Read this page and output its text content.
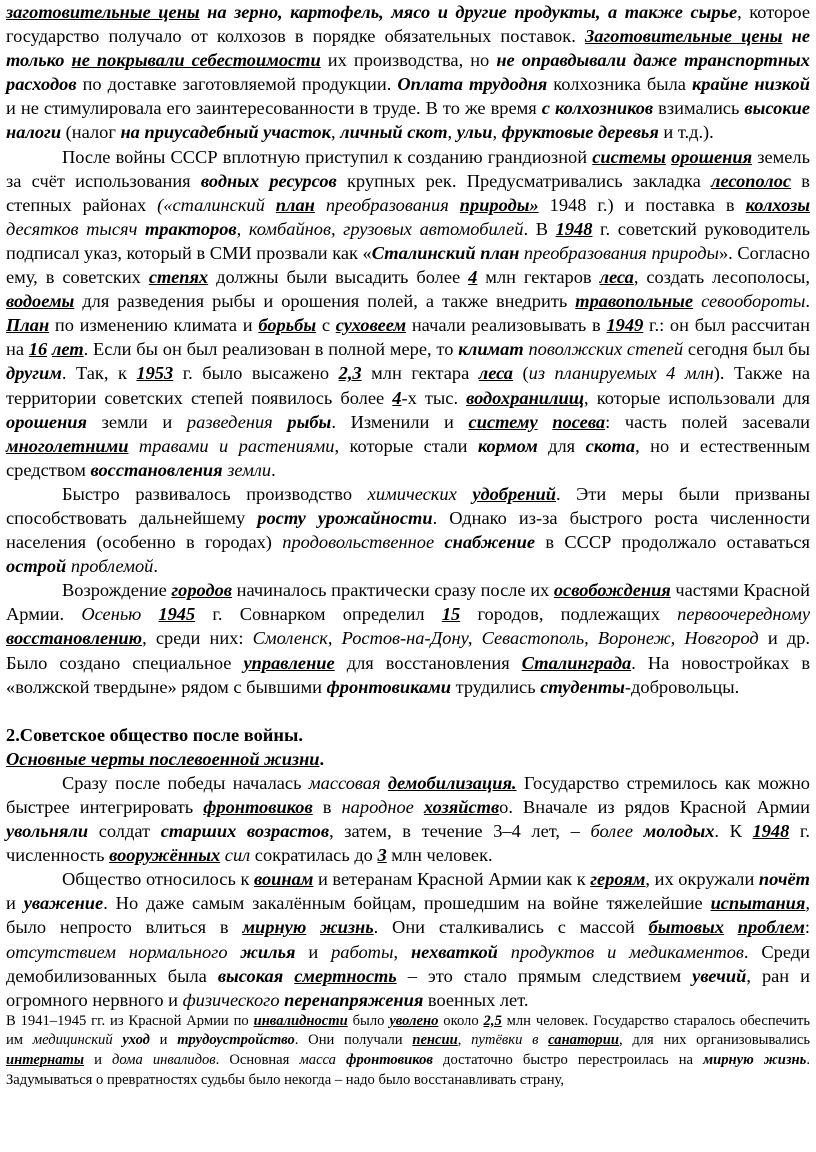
заготовительные цены на зерно, картофель, мясо и другие продукты, а также сырье, которое государство получало от колхозов в порядке обязательных поставок. Заготовительные цены не только не покрывали себестоимости их производства, но не оправдывали даже транспортных расходов по доставке заготовляемой продукции. Оплата трудодня колхозника была крайне низкой и не стимулировала его заинтересованности в труде. В то же время с колхозников взимались высокие налоги (налог на приусадебный участок, личный скот, ульи, фруктовые деревья и т.д.).

После войны СССР вплотную приступил к созданию грандиозной системы орошения земель за счёт использования водных ресурсов крупных рек. Предусматривались закладка лесополос в степных районах («сталинский план преобразования природы» 1948 г.) и поставка в колхозы десятков тысяч тракторов, комбайнов, грузовых автомобилей. В 1948 г. советский руководитель подписал указ, который в СМИ прозвали как «Сталинский план преобразования природы». Согласно ему, в советских степях должны были высадить более 4 млн гектаров леса, создать лесополосы, водоемы для разведения рыбы и орошения полей, а также внедрить травопольные севообороты. План по изменению климата и борьбы с суховеем начали реализовывать в 1949 г.: он был рассчитан на 16 лет. Если бы он был реализован в полной мере, то климат поволжских степей сегодня был бы другим. Так, к 1953 г. было высажено 2,3 млн гектара леса (из планируемых 4 млн). Также на территории советских степей появилось более 4-х тыс. водохранилищ, которые использовали для орошения земли и разведения рыбы. Изменили и систему посева: часть полей засевали многолетними травами и растениями, которые стали кормом для скота, но и естественным средством восстановления земли.

Быстро развивалось производство химических удобрений. Эти меры были призваны способствовать дальнейшему росту урожайности. Однако из-за быстрого роста численности населения (особенно в городах) продовольственное снабжение в СССР продолжало оставаться острой проблемой.

Возрождение городов начиналось практически сразу после их освобождения частями Красной Армии. Осенью 1945 г. Совнарком определил 15 городов, подлежащих первоочередному восстановлению, среди них: Смоленск, Ростов-на-Дону, Севастополь, Воронеж, Новгород и др. Было создано специальное управление для восстановления Сталинграда. На новостройках в «волжской твердыне» рядом с бывшими фронтовиками трудились студенты-добровольцы.

2.Советское общество после войны.

Основные черты послевоенной жизни.

Сразу после победы началась массовая демобилизация. Государство стремилось как можно быстрее интегрировать фронтовиков в народное хозяйство. Вначале из рядов Красной Армии увольняли солдат старших возрастов, затем, в течение 3–4 лет, – более молодых. К 1948 г. численность вооружённых сил сократилась до 3 млн человек.

Общество относилось к воинам и ветеранам Красной Армии как к героям, их окружали почёт и уважение. Но даже самым закалённым бойцам, прошедшим на войне тяжелейшие испытания, было непросто влиться в мирную жизнь. Они сталкивались с массой бытовых проблем: отсутствием нормального жилья и работы, нехваткой продуктов и медикаментов. Среди демобилизованных была высокая смертность – это стало прямым следствием увечий, ран и огромного нервного и физического перенапряжения военных лет.

В 1941–1945 гг. из Красной Армии по инвалидности было уволено около 2,5 млн человек. Государство старалось обеспечить им медицинский уход и трудоустройство. Они получали пенсии, путёвки в санатории, для них организовывались интернаты и дома инвалидов. Основная масса фронтовиков достаточно быстро перестроилась на мирную жизнь. Задумываться о превратностях судьбы было некогда – надо было восстанавливать страну,
